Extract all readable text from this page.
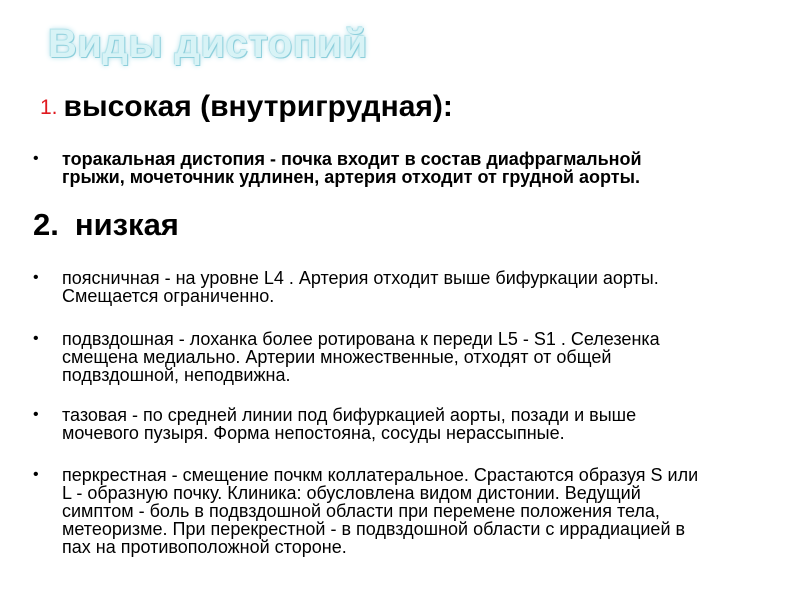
Виды дистопий
1. высокая (внутригрудная):
•	торакальная дистопия - почка входит в состав диафрагмальной
грыжи, мочеточник удлинен, артерия отходит от грудной аорты.
2. низкая
•	поясничная - на уровне L4 . Артерия отходит выше бифуркации аорты.
Смещается ограниченно.
•	подвздошная - лоханка более ротирована к переди L5 - S1 . Селезенка
смещена медиально. Артерии множественные, отходят от общей
подвздошной, неподвижна.
•	тазовая - по средней линии под бифуркацией аорты, позади и выше
мочевого пузыря. Форма непостояна, сосуды нерассыпные.
•	перкрестная - смещение почкм коллатеральное. Срастаются образуя S или
L - образную почку. Клиника: обусловлена видом дистонии. Ведущий
симптом - боль в подвздошной области при перемене положения тела,
метеоризме. При перекрестной - в подвздошной области с иррадиацией в
пах на противоположной стороне.
